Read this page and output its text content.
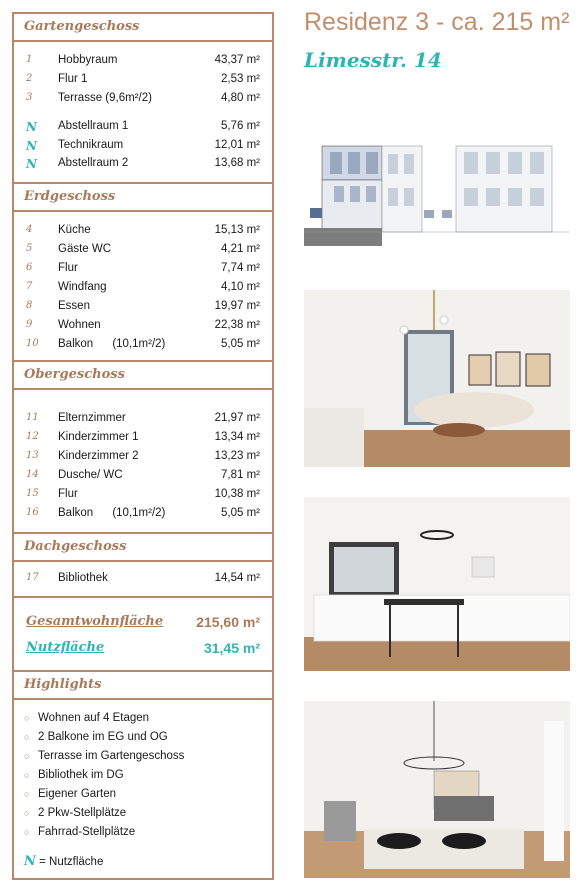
Gartengeschoss
1 Hobbyraum	43,37 m²
2 Flur 1	2,53 m²
3 Terrasse (9,6m²/2)	4,80 m²
N Abstellraum 1	5,76 m²
N Technikraum	12,01 m²
N Abstellraum 2	13,68 m²
Erdgeschoss
4 Küche	15,13 m²
5 Gäste WC	4,21 m²
6 Flur	7,74 m²
7 Windfang	4,10 m²
8 Essen	19,97 m²
9 Wohnen	22,38 m²
10 Balkon      (10,1m²/2)	5,05 m²
Obergeschoss
11 Elternzimmer	21,97 m²
12 Kinderzimmer 1	13,34 m²
13 Kinderzimmer 2	13,23 m²
14 Dusche/ WC	7,81 m²
15 Flur	10,38 m²
16 Balkon      (10,1m²/2)	5,05 m²
Dachgeschoss
17 Bibliothek	14,54 m²
Gesamtwohnfläche 215,60 m²
Nutzfläche	31,45 m²
Highlights
○ Wohnen auf 4 Etagen
○ 2 Balkone im EG und OG
○ Terrasse im Gartengeschoss
○ Bibliothek im DG
○ Eigener Garten
○ 2 Pkw-Stellplätze
○ Fahrrad-Stellplätze
N = Nutzfläche
Residenz 3 - ca. 215 m²
Limesstr. 14
